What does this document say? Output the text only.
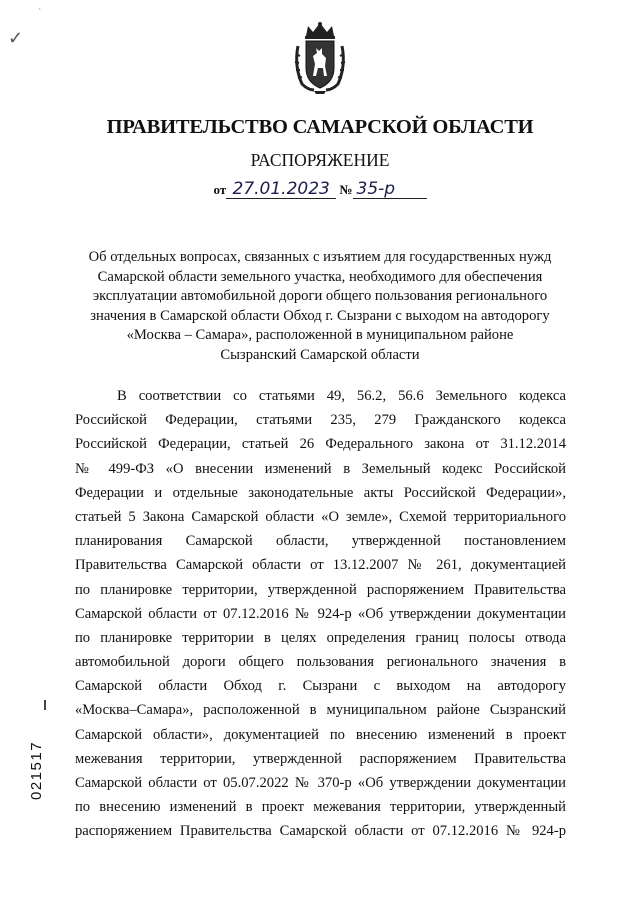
`
✓
ПРАВИТЕЛЬСТВО САМАРСКОЙ ОБЛАСТИ
РАСПОРЯЖЕНИЕ
от 27.01.2023 № 35-р
Об отдельных вопросах, связанных с изъятием для государственных нужд
Самарской области земельного участка, необходимого для обеспечения
эксплуатации автомобильной дороги общего пользования регионального
значения в Самарской области Обход г. Сызрани с выходом на автодорогу
«Москва – Самара», расположенной в муниципальном районе
Сызранский Самарской области
В соответствии со статьями 49, 56.2, 56.6 Земельного кодекса
Российской Федерации, статьями 235, 279 Гражданского кодекса
Российской Федерации, статьей 26 Федерального закона от 31.12.2014
№ 499-ФЗ «О внесении изменений в Земельный кодекс Российской
Федерации и отдельные законодательные акты Российской Федерации»,
статьей 5 Закона Самарской области «О земле», Схемой территориального
планирования Самарской области, утвержденной постановлением
Правительства Самарской области от 13.12.2007 № 261, документацией
по планировке территории, утвержденной распоряжением Правительства
Самарской области от 07.12.2016 № 924-р «Об утверждении документации
по планировке территории в целях определения границ полосы отвода
автомобильной дороги общего пользования регионального значения в
Самарской области Обход г. Сызрани с выходом на автодорогу
«Москва–Самара», расположенной в муниципальном районе Сызранский
Самарской области», документацией по внесению изменений в проект
межевания территории, утвержденной распоряжением Правительства
Самарской области от 05.07.2022 № 370-р «Об утверждении документации
по внесению изменений в проект межевания территории, утвержденный
распоряжением Правительства Самарской области от 07.12.2016 № 924-р
021517
